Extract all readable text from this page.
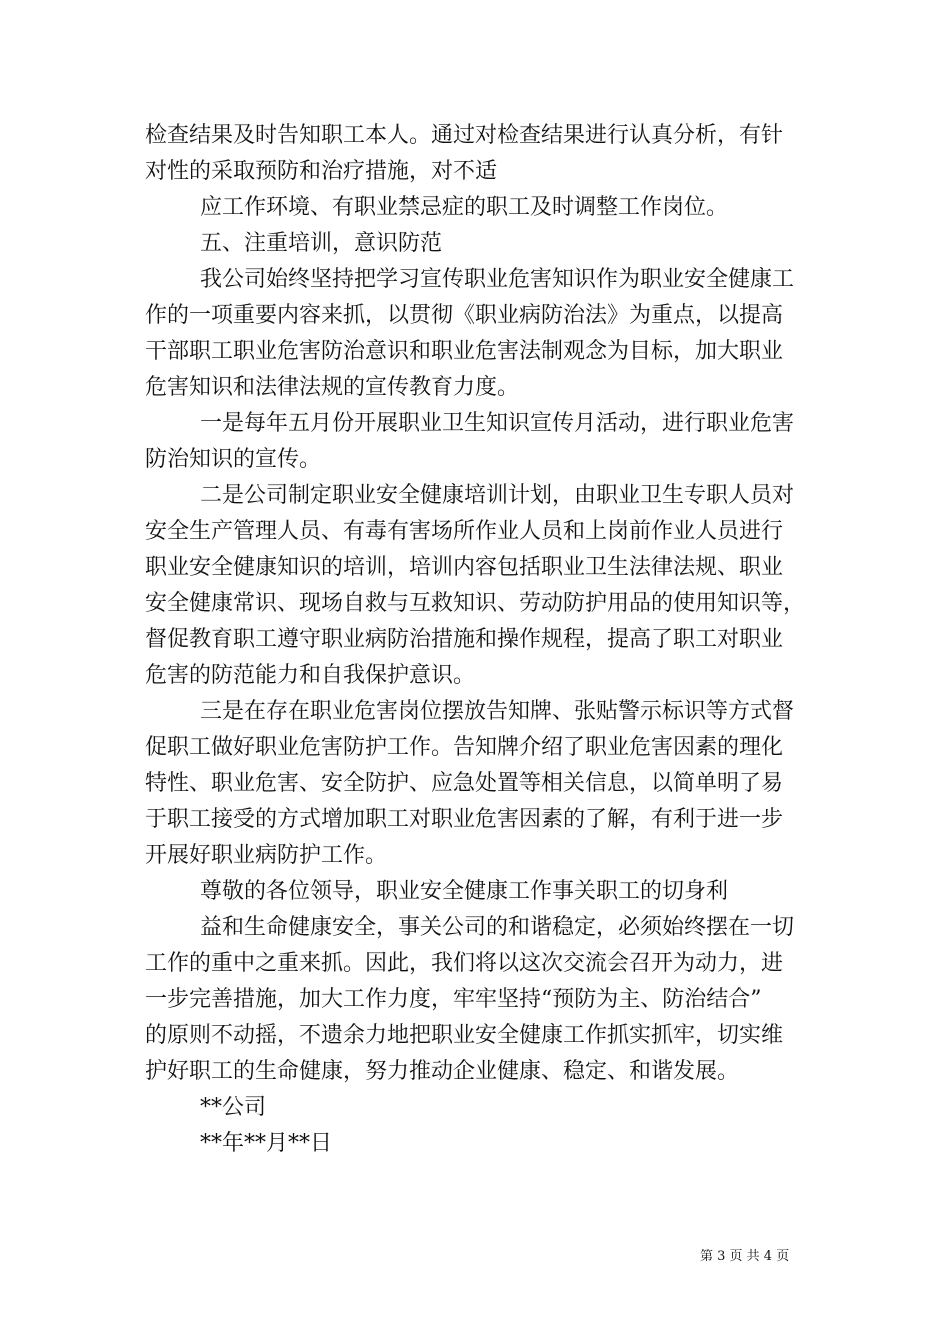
检查结果及时告知职工本人。通过对检查结果进行认真分析，有针

对性的采取预防和治疗措施，对不适

应工作环境、有职业禁忌症的职工及时调整工作岗位。

五、注重培训，意识防范

我公司始终坚持把学习宣传职业危害知识作为职业安全健康工

作的一项重要内容来抓，以贯彻《职业病防治法》为重点，以提高

干部职工职业危害防治意识和职业危害法制观念为目标，加大职业

危害知识和法律法规的宣传教育力度。

一是每年五月份开展职业卫生知识宣传月活动，进行职业危害

防治知识的宣传。

二是公司制定职业安全健康培训计划，由职业卫生专职人员对

安全生产管理人员、有毒有害场所作业人员和上岗前作业人员进行

职业安全健康知识的培训，培训内容包括职业卫生法律法规、职业

安全健康常识、现场自救与互救知识、劳动防护用品的使用知识等，

督促教育职工遵守职业病防治措施和操作规程，提高了职工对职业

危害的防范能力和自我保护意识。

三是在存在职业危害岗位摆放告知牌、张贴警示标识等方式督

促职工做好职业危害防护工作。告知牌介绍了职业危害因素的理化

特性、职业危害、安全防护、应急处置等相关信息，以简单明了易

于职工接受的方式增加职工对职业危害因素的了解，有利于进一步

开展好职业病防护工作。

尊敬的各位领导，职业安全健康工作事关职工的切身利

益和生命健康安全，事关公司的和谐稳定，必须始终摆在一切

工作的重中之重来抓。因此，我们将以这次交流会召开为动力，进

一步完善措施，加大工作力度，牢牢坚持“预防为主、防治结合”

的原则不动摇，不遗余力地把职业安全健康工作抓实抓牢，切实维

护好职工的生命健康，努力推动企业健康、稳定、和谐发展。

**公司

**年**月**日

第 3 页 共 4 页
